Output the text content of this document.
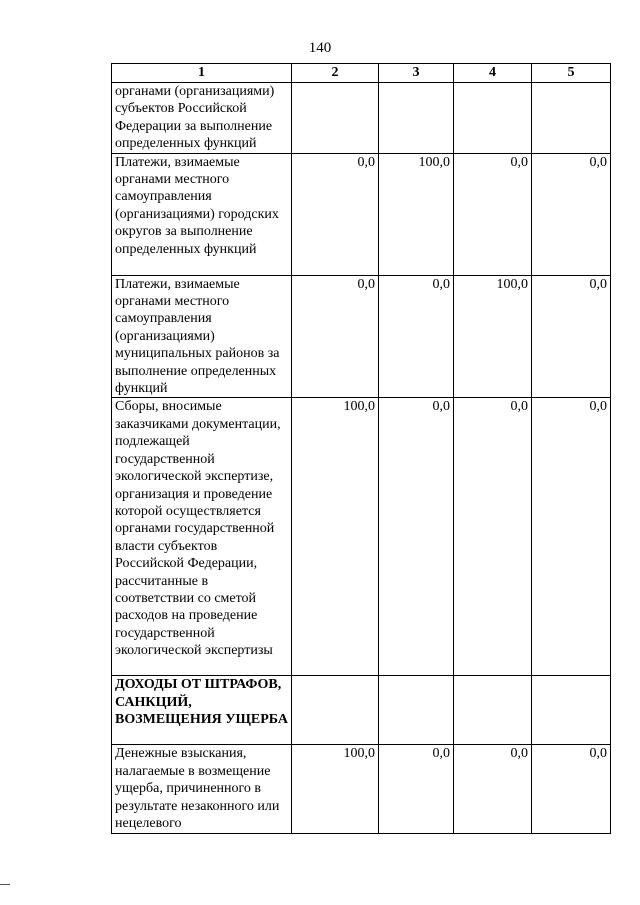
140
1	2	3	4	5
органами (организациями) субъектов Российской Федерации за выполнение определенных функций				
Платежи, взимаемые органами местного самоуправления (организациями) городских округов за выполнение определенных функций	0,0	100,0	0,0	0,0
Платежи, взимаемые органами местного самоуправления (организациями) муниципальных районов за выполнение определенных функций	0,0	0,0	100,0	0,0
Сборы, вносимые заказчиками документации, подлежащей государственной экологической экспертизе, организация и проведение которой осуществляется органами государственной власти субъектов Российской Федерации, рассчитанные в соответствии со сметой расходов на проведение государственной экологической экспертизы	100,0	0,0	0,0	0,0
ДОХОДЫ ОТ ШТРАФОВ, САНКЦИЙ, ВОЗМЕЩЕНИЯ УЩЕРБА				
Денежные взыскания, налагаемые в возмещение ущерба, причиненного в результате незаконного или нецелевого	100,0	0,0	0,0	0,0
